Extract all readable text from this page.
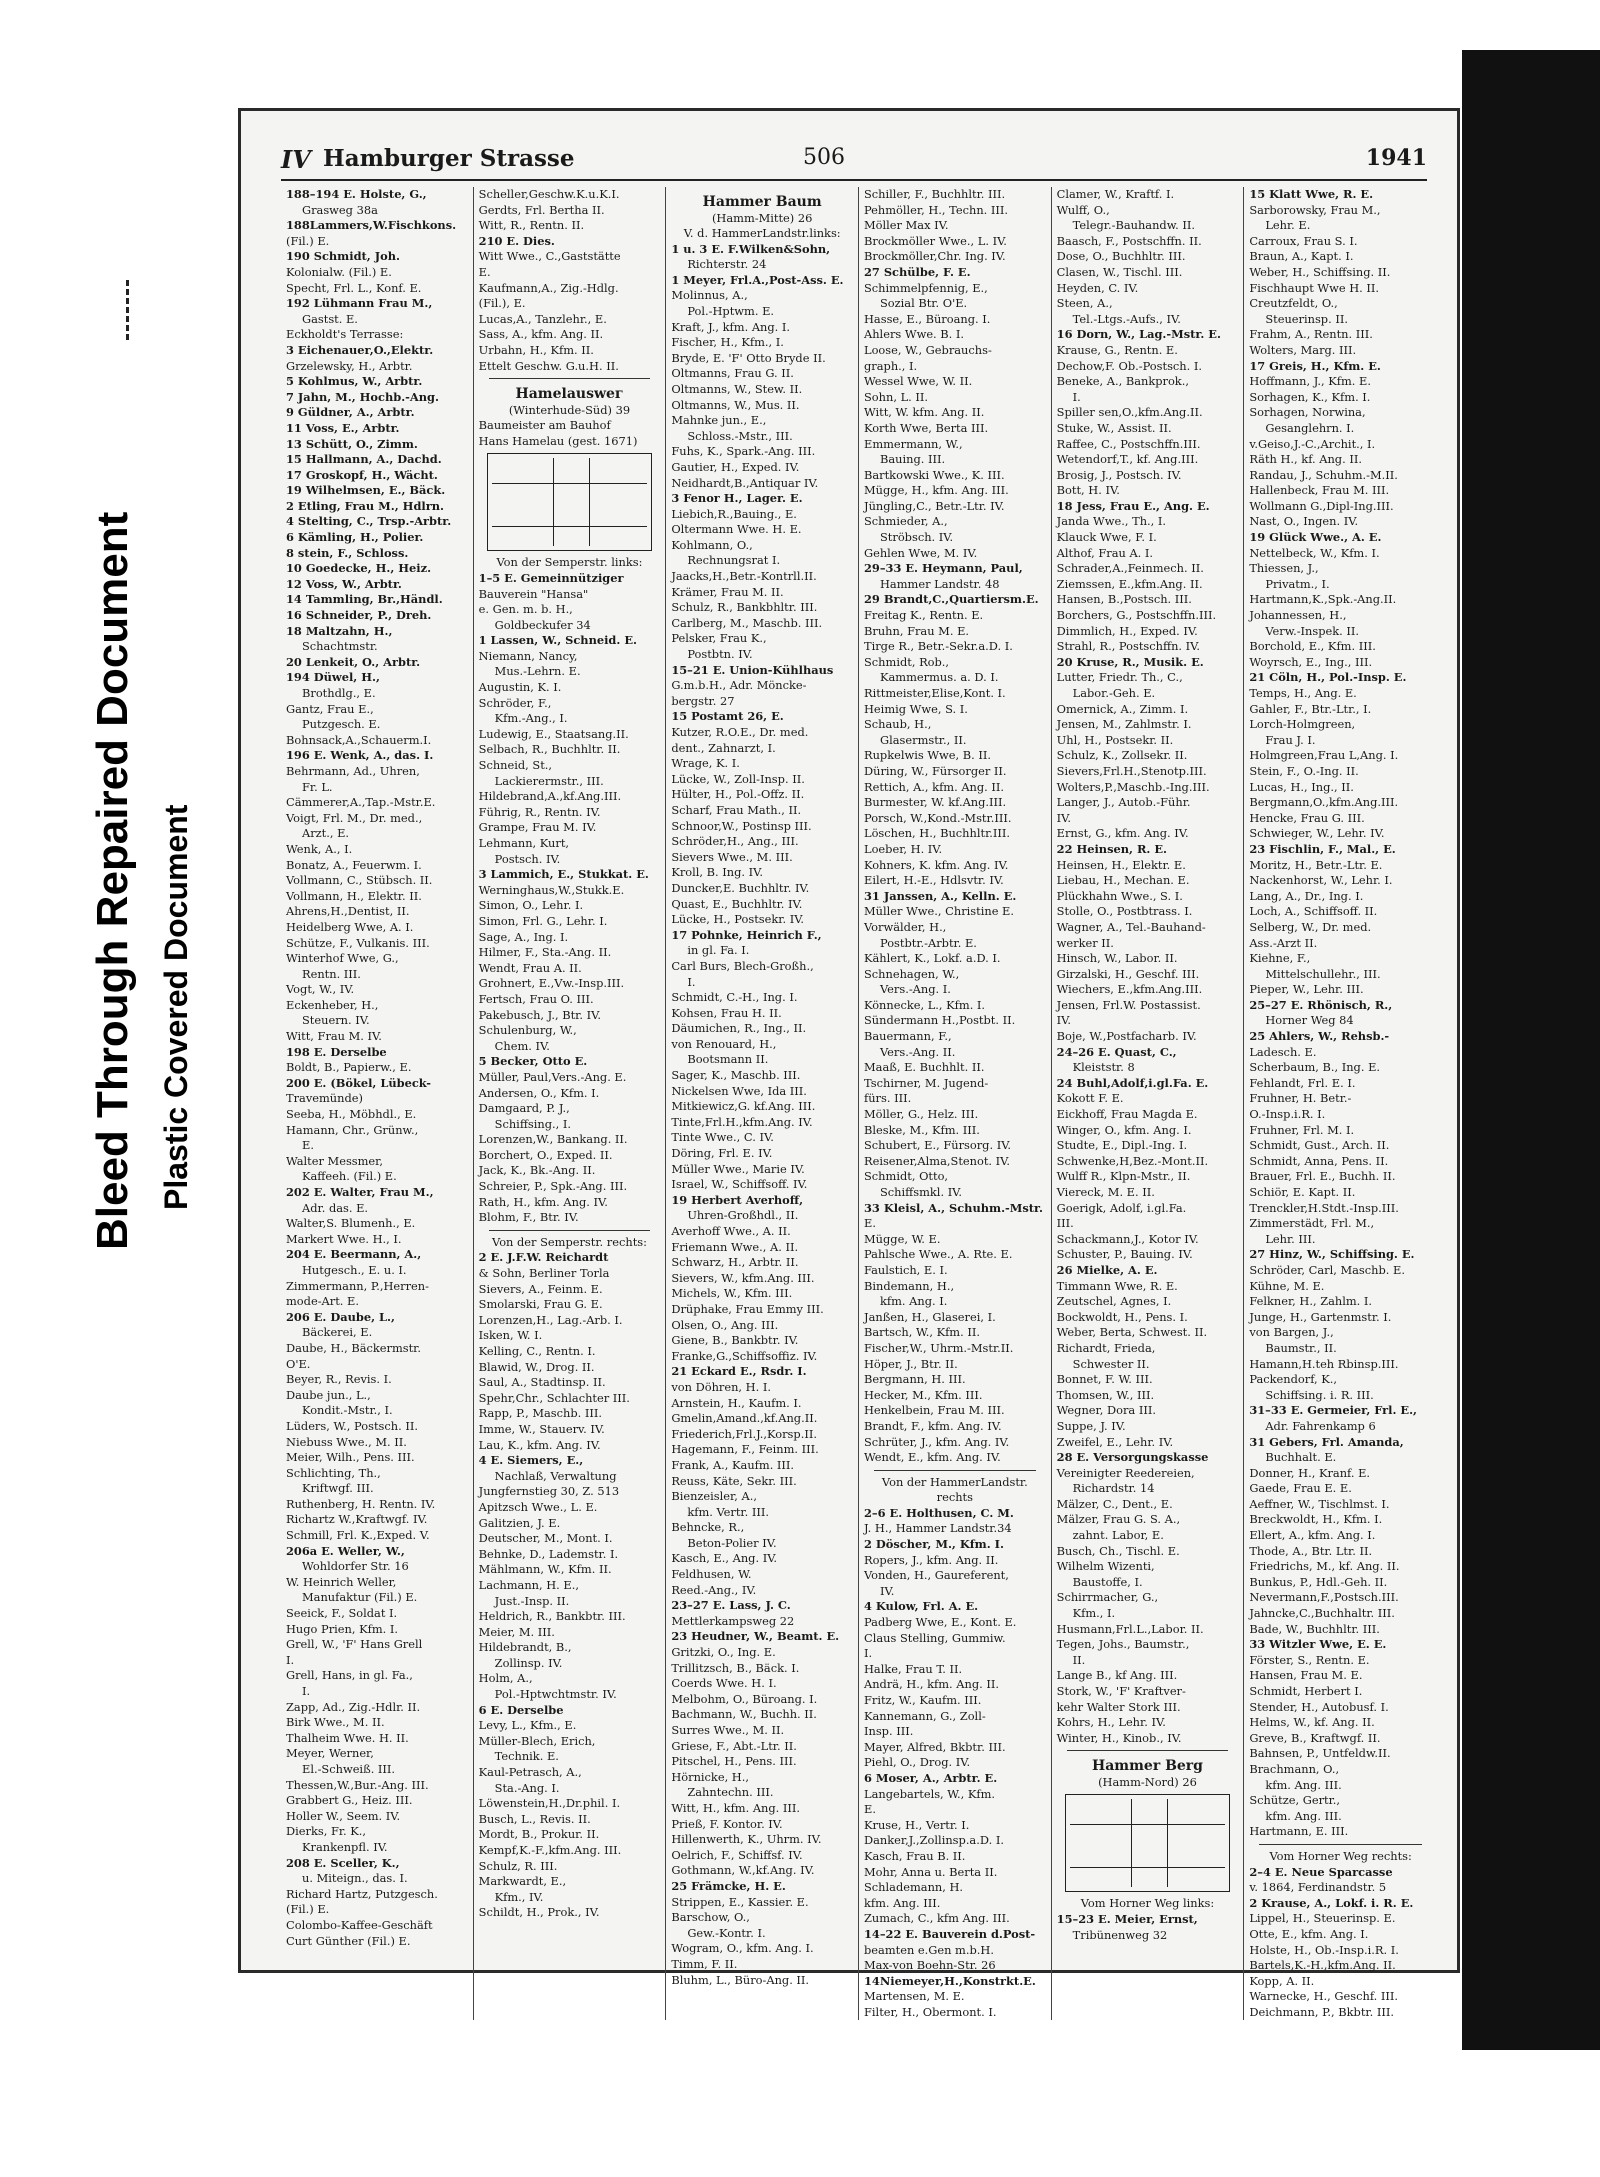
Bleed Through Repaired Document
Plastic Covered Document
IV Hamburger Strasse	506	1941
188–194 E. Holste, G.,
Grasweg 38a
188Lammers,W.Fischkons.
(Fil.) E.
190 Schmidt, Joh.
Kolonialw. (Fil.) E.
Specht, Frl. L., Konf. E.
192 Lühmann Frau M.,
Gastst. E.
Eckholdt's Terrasse:
3 Eichenauer,O.,Elektr.
Grzelewsky, H., Arbtr.
5 Kohlmus, W., Arbtr.
7 Jahn, M., Hochb.-Ang.
9 Güldner, A., Arbtr.
11 Voss, E., Arbtr.
13 Schütt, O., Zimm.
15 Hallmann, A., Dachd.
17 Groskopf, H., Wächt.
19 Wilhelmsen, E., Bäck.
2 Etling, Frau M., Hdlrn.
4 Stelting, C., Trsp.-Arbtr.
6 Kämling, H., Polier.
8 stein, F., Schloss.
10 Goedecke, H., Heiz.
12 Voss, W., Arbtr.
14 Tammling, Br.,Händl.
16 Schneider, P., Dreh.
18 Maltzahn, H.,
Schachtmstr.
20 Lenkeit, O., Arbtr.
194 Düwel, H.,
Brothdlg., E.
Gantz, Frau E.,
Putzgesch. E.
Bohnsack,A.,Schauerm.I.
196 E. Wenk, A., das. I.
Behrmann, Ad., Uhren,
Fr. L.
Cämmerer,A.,Tap.-Mstr.E.
Voigt, Frl. M., Dr. med.,
Arzt., E.
Wenk, A., I.
Bonatz, A., Feuerwm. I.
Vollmann, C., Stübsch. II.
Vollmann, H., Elektr. II.
Ahrens,H.,Dentist, II.
Heidelberg Wwe, A. I.
Schütze, F., Vulkanis. III.
Winterhof Wwe, G.,
Rentn. III.
Vogt, W., IV.
Eckenheber, H.,
Steuern. IV.
Witt, Frau M. IV.
198 E. Derselbe
Boldt, B., Papierw., E.
200 E. (Bökel, Lübeck-
Travemünde)
Seeba, H., Möbhdl., E.
Hamann, Chr., Grünw.,
E.
Walter Messmer,
Kaffeeh. (Fil.) E.
202 E. Walter, Frau M.,
Adr. das. E.
Walter,S. Blumenh., E.
Markert Wwe. H., I.
204 E. Beermann, A.,
Hutgesch., E. u. I.
Zimmermann, P.,Herren-
mode-Art. E.
206 E. Daube, L.,
Bäckerei, E.
Daube, H., Bäckermstr.
O'E.
Beyer, R., Revis. I.
Daube jun., L.,
Kondit.-Mstr., I.
Lüders, W., Postsch. II.
Niebuss Wwe., M. II.
Meier, Wilh., Pens. III.
Schlichting, Th.,
Kriftwgf. III.
Ruthenberg, H. Rentn. IV.
Richartz W.,Kraftwgf. IV.
Schmill, Frl. K.,Exped. V.
206a E. Weller, W.,
Wohldorfer Str. 16
W. Heinrich Weller,
Manufaktur (Fil.) E.
Seeick, F., Soldat I.
Hugo Prien, Kfm. I.
Grell, W., 'F' Hans Grell
I.
Grell, Hans, in gl. Fa.,
I.
Zapp, Ad., Zig.-Hdlr. II.
Birk Wwe., M. II.
Thalheim Wwe. H. II.
Meyer, Werner,
El.-Schweiß. III.
Thessen,W.,Bur.-Ang. III.
Grabbert G., Heiz. III.
Holler W., Seem. IV.
Dierks, Fr. K.,
Krankenpfl. IV.
208 E. Sceller, K.,
u. Miteign., das. I.
Richard Hartz, Putzgesch.
(Fil.) E.
Colombo-Kaffee-Geschäft
Curt Günther (Fil.) E.
Scheller,Geschw.K.u.K.I.
Gerdts, Frl. Bertha II.
Witt, R., Rentn. II.
210 E. Dies.
Witt Wwe., C.,Gaststätte
E.
Kaufmann,A., Zig.-Hdlg.
(Fil.), E.
Lucas,A., Tanzlehr., E.
Sass, A., kfm. Ang. II.
Urbahn, H., Kfm. II.
Ettelt Geschw. G.u.H. II.
Hamelauswег
(Winterhude-Süd) 39
Baumeister am Bauhof
Hans Hamelau (gest. 1671)
Von der Semperstr. links:
1–5 E. Gemeinnütziger
Bauverein "Hansa"
e. Gen. m. b. H.,
Goldbeckufer 34
1 Lassen, W., Schneid. E.
Niemann, Nancy,
Mus.-Lehrn. E.
Augustin, K. I.
Schröder, F.,
Kfm.-Ang., I.
Ludewig, E., Staatsang.II.
Selbach, R., Buchhltr. II.
Schneid, St.,
Lackierermstr., III.
Hildebrand,A.,kf.Ang.III.
Führig, R., Rentn. IV.
Grampe, Frau M. IV.
Lehmann, Kurt,
Postsch. IV.
3 Lammich, E., Stukkat. E.
Werninghaus,W.,Stukk.E.
Simon, O., Lehr. I.
Simon, Frl. G., Lehr. I.
Sage, A., Ing. I.
Hilmer, F., Sta.-Ang. II.
Wendt, Frau A. II.
Grohnert, E.,Vw.-Insp.III.
Fertsch, Frau O. III.
Pakebusch, J., Btr. IV.
Schulenburg, W.,
Chem. IV.
5 Becker, Otto E.
Müller, Paul,Vers.-Ang. E.
Andersen, O., Kfm. I.
Damgaard, P. J.,
Schiffsing., I.
Lorenzen,W., Bankang. II.
Borchert, O., Exped. II.
Jack, K., Bk.-Ang. II.
Schreier, P., Spk.-Ang. III.
Rath, H., kfm. Ang. IV.
Blohm, F., Btr. IV.
Von der Semperstr. rechts:
2 E. J.F.W. Reichardt
& Sohn, Berliner Torla
Sievers, A., Feinm. E.
Smolarski, Frau G. E.
Lorenzen,H., Lag.-Arb. I.
Isken, W. I.
Kelling, C., Rentn. I.
Blawid, W., Drog. II.
Saul, A., Stadtinsp. II.
Spehr,Chr., Schlachter III.
Rapp, P., Maschb. III.
Imme, W., Stauerv. IV.
Lau, K., kfm. Ang. IV.
4 E. Siemers, E.,
Nachlaß, Verwaltung
Jungfernstieg 30, Z. 513
Apitzsch Wwe., L. E.
Galitzien, J. E.
Deutscher, M., Mont. I.
Behnke, D., Lademstr. I.
Mählmann, W., Kfm. II.
Lachmann, H. E.,
Just.-Insp. II.
Heldrich, R., Bankbtr. III.
Meier, M. III.
Hildebrandt, B.,
Zollinsp. IV.
Holm, A.,
Pol.-Hptwchtmstr. IV.
6 E. Derselbe
Levy, L., Kfm., E.
Müller-Blech, Erich,
Technik. E.
Kaul-Petrasch, A.,
Sta.-Ang. I.
Löwenstein,H.,Dr.phil. I.
Busch, L., Revis. II.
Mordt, B., Prokur. II.
Kempf,K.-F.,kfm.Ang. III.
Schulz, R. III.
Markwardt, E.,
Kfm., IV.
Schildt, H., Prok., IV.
Hammer Baum
(Hamm-Mitte) 26
V. d. HammerLandstr.links:
1 u. 3 E. F.Wilken&Sohn,
Richterstr. 24
1 Meyer, Frl.A.,Post-Ass. E.
Molinnus, A.,
Pol.-Hptwm. E.
Kraft, J., kfm. Ang. I.
Fischer, H., Kfm., I.
Bryde, E. 'F' Otto Bryde II.
Oltmanns, Frau G. II.
Oltmanns, W., Stew. II.
Oltmanns, W., Mus. II.
Mahnke jun., E.,
Schloss.-Mstr., III.
Fuhs, K., Spark.-Ang. III.
Gautier, H., Exped. IV.
Neidhardt,B.,Antiquar IV.
3 Fenor H., Lager. E.
Liebich,R.,Bauing., E.
Oltermann Wwe. H. E.
Kohlmann, O.,
Rechnungsrat I.
Jaacks,H.,Betr.-Kontrll.II.
Krämer, Frau M. II.
Schulz, R., Bankbhltr. III.
Carlberg, M., Maschb. III.
Pelsker, Frau K.,
Postbtn. IV.
15–21 E. Union-Kühlhaus
G.m.b.H., Adr. Mönckе-
bergstr. 27
15 Postamt 26, E.
Kutzer, R.O.E., Dr. med.
dent., Zahnarzt, I.
Wrage, K. I.
Lücke, W., Zoll-Insp. II.
Hülter, H., Pol.-Offz. II.
Scharf, Frau Math., II.
Schnoor,W., Postinsp III.
Schröder,H., Ang., III.
Sievers Wwe., M. III.
Kroll, B. Ing. IV.
Duncker,E. Buchhltr. IV.
Quast, E., Buchhltr. IV.
Lücke, H., Postsekr. IV.
17 Pohnke, Heinrich F.,
in gl. Fa. I.
Carl Burs, Blech-Großh.,
I.
Schmidt, C.-H., Ing. I.
Kohsen, Frau H. II.
Däumichen, R., Ing., II.
von Renouard, H.,
Bootsmann II.
Sager, K., Maschb. III.
Nickelsen Wwe, Ida III.
Mitkiewicz,G. kf.Ang. III.
Tinte,Frl.H.,kfm.Ang. IV.
Tinte Wwe., C. IV.
Döring, Frl. E. IV.
Müller Wwe., Marie IV.
Israel, W., Schiffsoff. IV.
19 Herbert Averhoff,
Uhren-Großhdl., II.
Averhoff Wwe., A. II.
Friemann Wwe., A. II.
Schwarz, H., Arbtr. II.
Sievers, W., kfm.Ang. III.
Michels, W., Kfm. III.
Drüphake, Frau Emmy III.
Olsen, O., Ang. III.
Giene, B., Bankbtr. IV.
Franke,G.,Schiffsoffiz. IV.
21 Eckard E., Rsdr. I.
von Döhren, H. I.
Arnstein, H., Kaufm. I.
Gmelin,Amand.,kf.Ang.II.
Friederich,Frl.J.,Korsp.II.
Hagemann, F., Feinm. III.
Frank, A., Kaufm. III.
Reuss, Käte, Sekr. III.
Bienzeisler, A.,
kfm. Vertr. III.
Behncke, R.,
Beton-Polier IV.
Kasch, E., Ang. IV.
Feldhusen, W.
Reed.-Ang., IV.
23–27 E. Lass, J. C.
Mettlerkampsweg 22
23 Heudner, W., Beamt. E.
Gritzki, O., Ing. E.
Trillitzsch, B., Bäck. I.
Coerds Wwe. H. I.
Melbohm, O., Büroang. I.
Bachmann, W., Buchh. II.
Surres Wwe., M. II.
Griese, F., Abt.-Ltr. II.
Pitschel, H., Pens. III.
Hörnicke, H.,
Zahntechn. III.
Witt, H., kfm. Ang. III.
Prieß, F. Kontor. IV.
Hillenwerth, K., Uhrm. IV.
Oelrich, F., Schiffsf. IV.
Gothmann, W.,kf.Ang. IV.
25 Främcke, H. E.
Strippen, E., Kassier. E.
Barschow, O.,
Gew.-Kontr. I.
Wogram, O., kfm. Ang. I.
Timm, F. II.
Bluhm, L., Büro-Ang. II.
Schiller, F., Buchhltr. III.
Pehmöller, H., Techn. III.
Möller Max IV.
Brockmöller Wwe., L. IV.
Brockmöller,Chr. Ing. IV.
27 Schülbe, F. E.
Schimmelpfennig, E.,
Sozial Btr. O'E.
Hasse, E., Büroang. I.
Ahlers Wwe. B. I.
Loose, W., Gebrauchs-
graph., I.
Wessel Wwe, W. II.
Sohn, L. II.
Witt, W. kfm. Ang. II.
Korth Wwe, Berta III.
Emmermann, W.,
Bauing. III.
Bartkowski Wwe., K. III.
Mügge, H., kfm. Ang. III.
Jüngling,C., Betr.-Ltr. IV.
Schmieder, A.,
Ströbsch. IV.
Gehlen Wwe, M. IV.
29–33 E. Heymann, Paul,
Hammer Landstr. 48
29 Brandt,C.,Quartiersm.E.
Freitag K., Rentn. E.
Bruhn, Frau M. E.
Tirge R., Betr.-Sekr.a.D. I.
Schmidt, Rob.,
Kammermus. a. D. I.
Rittmeister,Elise,Kont. I.
Heimig Wwe, S. I.
Schaub, H.,
Glasermstr., II.
Rupkelwis Wwe, B. II.
Düring, W., Fürsorger II.
Rettich, A., kfm. Ang. II.
Burmester, W. kf.Ang.III.
Porsch, W.,Kond.-Mstr.III.
Löschen, H., Buchhltr.III.
Loeber, H. IV.
Kohners, K. kfm. Ang. IV.
Eilert, H.-E., Hdlsvtr. IV.
31 Janssen, A., Kelln. E.
Müller Wwe., Christine E.
Vorwälder, H.,
Postbtr.-Arbtr. E.
Kählert, K., Lokf. a.D. I.
Schnehagen, W.,
Vers.-Ang. I.
Könnecke, L., Kfm. I.
Sündermann H.,Postbt. II.
Bauermann, F.,
Vers.-Ang. II.
Maaß, E. Buchhlt. II.
Tschirner, M. Jugend-
fürs. III.
Möller, G., Helz. III.
Bleske, M., Kfm. III.
Schubert, E., Fürsorg. IV.
Reisener,Alma,Stenot. IV.
Schmidt, Otto,
Schiffsmkl. IV.
33 Kleisl, A., Schuhm.-Mstr.
E.
Mügge, W. E.
Pahlsche Wwe., A. Rte. E.
Faulstich, E. I.
Bindemann, H.,
kfm. Ang. I.
Janßen, H., Glaserei, I.
Bartsch, W., Kfm. II.
Fischer,W., Uhrm.-Mstr.II.
Höper, J., Btr. II.
Bergmann, H. III.
Hecker, M., Kfm. III.
Henkelbein, Frau M. III.
Brandt, F., kfm. Ang. IV.
Schrüter, J., kfm. Ang. IV.
Wendt, E., kfm. Ang. IV.
Von der HammerLandstr.
rechts
2–6 E. Holthusen, C. M.
J. H., Hammer Landstr.34
2 Döscher, M., Kfm. I.
Ropers, J., kfm. Ang. II.
Vonden, H., Gaureferent,
IV.
4 Kulow, Frl. A. E.
Padberg Wwe, E., Kont. E.
Claus Stelling, Gummiw.
I.
Halke, Frau T. II.
Andrä, H., kfm. Ang. II.
Fritz, W., Kaufm. III.
Kannemann, G., Zoll-
Insp. III.
Mayer, Alfred, Bkbtr. III.
Piehl, O., Drog. IV.
6 Moser, A., Arbtr. E.
Langebartels, W., Kfm.
E.
Kruse, H., Vertr. I.
Danker,J.,Zollinsp.a.D. I.
Kasch, Frau B. II.
Mohr, Anna u. Berta II.
Schlademann, H.
kfm. Ang. III.
Zumach, C., kfm Ang. III.
14–22 E. Bauverein d.Post-
beamten e.Gen m.b.H.
Max-von Boehn-Str. 26
14Niemeyer,H.,Konstrkt.E.
Martensen, M. E.
Filter, H., Obermont. I.
Clamer, W., Kraftf. I.
Wulff, O.,
Telegr.-Bauhandw. II.
Baasch, F., Postschffn. II.
Dose, O., Buchhltr. III.
Clasen, W., Tischl. III.
Heyden, C. IV.
Steen, A.,
Tel.-Ltgs.-Aufs., IV.
16 Dorn, W., Lag.-Mstr. E.
Krause, G., Rentn. E.
Dechow,F. Ob.-Postsch. I.
Beneke, A., Bankprok.,
I.
Spiller sen,O.,kfm.Ang.II.
Stuke, W., Assist. II.
Raffee, C., Postschffn.III.
Wetendorf,T., kf. Ang.III.
Brosig, J., Postsch. IV.
Bott, H. IV.
18 Jess, Frau E., Ang. E.
Janda Wwe., Th., I.
Klauck Wwe, F. I.
Althof, Frau A. I.
Schrader,A.,Feinmech. II.
Ziemssen, E.,kfm.Ang. II.
Hansen, B.,Postsch. III.
Borchers, G., Postschffn.III.
Dimmlich, H., Exped. IV.
Strahl, R., Postschffn. IV.
20 Kruse, R., Musik. E.
Lutter, Friedr. Th., C.,
Labor.-Geh. E.
Omerniсk, A., Zimm. I.
Jensen, M., Zahlmstr. I.
Uhl, H., Postsekr. II.
Schulz, K., Zollsekr. II.
Sievers,Frl.H.,Stenotp.III.
Wolters,P.,Maschb.-Ing.III.
Langer, J., Autob.-Führ.
IV.
Ernst, G., kfm. Ang. IV.
22 Heinsen, R. E.
Heinsen, H., Elektr. E.
Liebau, H., Mechan. E.
Plückhahn Wwe., S. I.
Stolle, O., Postbtrass. I.
Wagner, A., Tel.-Bauhand-
werker II.
Hinsch, W., Labor. II.
Girzalski, H., Geschf. III.
Wiechers, E.,kfm.Ang.III.
Jensen, Frl.W. Postassist.
IV.
Boje, W.,Postfacharb. IV.
24–26 E. Quast, C.,
Kleiststr. 8
24 Buhl,Adolf,i.gl.Fa. E.
Kokott F. E.
Eickhoff, Frau Magda E.
Winger, O., kfm. Ang. I.
Studte, E., Dipl.-Ing. I.
Schwenke,H,Bez.-Mont.II.
Wulff R., Klpn-Mstr., II.
Viereck, M. E. II.
Goerigk, Adolf, i.gl.Fa.
III.
Schackmann,J., Kotor IV.
Schuster, P., Bauing. IV.
26 Mielke, A. E.
Timmann Wwe, R. E.
Zeutschel, Agnes, I.
Bockwoldt, H., Pens. I.
Weber, Berta, Schwest. II.
Richardt, Frieda,
Schwester II.
Bonnet, F. W. III.
Thomsen, W., III.
Wegner, Dora III.
Suppe, J. IV.
Zweifel, E., Lehr. IV.
28 E. Versorgungskasse
Vereinigter Reedereien,
Richardstr. 14
Mälzer, C., Dent., E.
Mälzer, Frau G. S. A.,
zahnt. Labor, E.
Busch, Ch., Tischl. E.
Wilhelm Wizenti,
Baustoffe, I.
Schirrmacher, G.,
Kfm., I.
Husmann,Frl.L.,Labor. II.
Tegen, Johs., Baumstr.,
II.
Lange B., kf Ang. III.
Stork, W., 'F' Kraftver-
kehr Walter Stork III.
Kohrs, H., Lehr. IV.
Winter, H., Kinob., IV.
Hammer Berg
(Hamm-Nord) 26
Vom Horner Weg links:
15–23 E. Meier, Ernst,
Tribünenweg 32
15 Klatt Wwe, R. E.
Sarborowsky, Frau M.,
Lehr. E.
Carroux, Frau S. I.
Braun, A., Kapt. I.
Weber, H., Schiffsing. II.
Fischhaupt Wwe H. II.
Creutzfeldt, O.,
Steuerinsp. II.
Frahm, A., Rentn. III.
Wolters, Marg. III.
17 Greis, H., Kfm. E.
Hoffmann, J., Kfm. E.
Sorhagen, K., Kfm. I.
Sorhagen, Norwina,
Gesanglehrn. I.
v.Geiso,J.-C.,Archit., I.
Räth H., kf. Ang. II.
Randau, J., Schuhm.-M.II.
Hallenbeck, Frau M. III.
Wollmann G.,Dipl-Ing.III.
Nast, O., Ingen. IV.
19 Glück Wwe., A. E.
Nettelbeck, W., Kfm. I.
Thiessen, J.,
Privatm., I.
Hartmann,K.,Spk.-Ang.II.
Johannessen, H.,
Verw.-Inspek. II.
Borchold, E., Kfm. III.
Woyrsch, E., Ing., III.
21 Cöln, H., Pol.-Insp. E.
Temps, H., Ang. E.
Gahler, F., Btr.-Ltr., I.
Lorch-Holmgreen,
Frau J. I.
Holmgreen,Frau L,Ang. I.
Stein, F., O.-Ing. II.
Lucas, H., Ing., II.
Bergmann,O.,kfm.Ang.III.
Hencke, Frau G. III.
Schwieger, W., Lehr. IV.
23 Fischlin, F., Mal., E.
Moritz, H., Betr.-Ltr. E.
Nackenhorst, W., Lehr. I.
Lang, A., Dr., Ing. I.
Loch, A., Schiffsoff. II.
Selberg, W., Dr. med.
Ass.-Arzt II.
Kiehne, F.,
Mittelschullehr., III.
Pieper, W., Lehr. III.
25–27 E. Rhönisch, R.,
Horner Weg 84
25 Ahlers, W., Rehsb.-
Ladesch. E.
Scherbaum, B., Ing. E.
Fehlandt, Frl. E. I.
Fruhner, H. Betr.-
O.-Insp.i.R. I.
Fruhner, Frl. M. I.
Schmidt, Gust., Arch. II.
Schmidt, Anna, Pens. II.
Brauer, Frl. E., Buchh. II.
Schiör, E. Kapt. II.
Trenckler,H.Stdt.-Insp.III.
Zimmerstädt, Frl. M.,
Lehr. III.
27 Hinz, W., Schiffsing. E.
Schröder, Carl, Maschb. E.
Kühne, M. E.
Felkner, H., Zahlm. I.
Junge, H., Gartenmstr. I.
von Bargen, J.,
Baumstr., II.
Hamann,H.teh Rbinsp.III.
Packendorf, K.,
Schiffsing. i. R. III.
31–33 E. Germeier, Frl. E.,
Adr. Fahrenkamp 6
31 Gebers, Frl. Amanda,
Buchhalt. E.
Donner, H., Kranf. E.
Gaede, Frau E. E.
Aeffner, W., Tischlmst. I.
Breckwoldt, H., Kfm. I.
Ellert, A., kfm. Ang. I.
Thode, A., Btr. Ltr. II.
Friedrichs, M., kf. Ang. II.
Bunkus, P., Hdl.-Geh. II.
Nevermann,F.,Postsch.III.
Jahncke,C.,Buchhaltr. III.
Bade, W., Buchhltr. III.
33 Witzler Wwe, E. E.
Förster, S., Rentn. E.
Hansen, Frau M. E.
Schmidt, Herbert I.
Stender, H., Autobusf. I.
Helms, W., kf. Ang. II.
Greve, B., Kraftwgf. II.
Bahnsen, P., Untfeldw.II.
Brachmann, O.,
kfm. Ang. III.
Schütze, Gertr.,
kfm. Ang. III.
Hartmann, E. III.
Vom Horner Weg rechts:
2–4 E. Neue Sparcasse
v. 1864, Ferdinandstr. 5
2 Krause, A., Lokf. i. R. E.
Lippel, H., Steuerinsp. E.
Otte, E., kfm. Ang. I.
Holste, H., Ob.-Insp.i.R. I.
Bartels,K.-H.,kfm.Ang. II.
Kopp, A. II.
Warnecke, H., Geschf. III.
Deichmann, P., Bkbtr. III.
